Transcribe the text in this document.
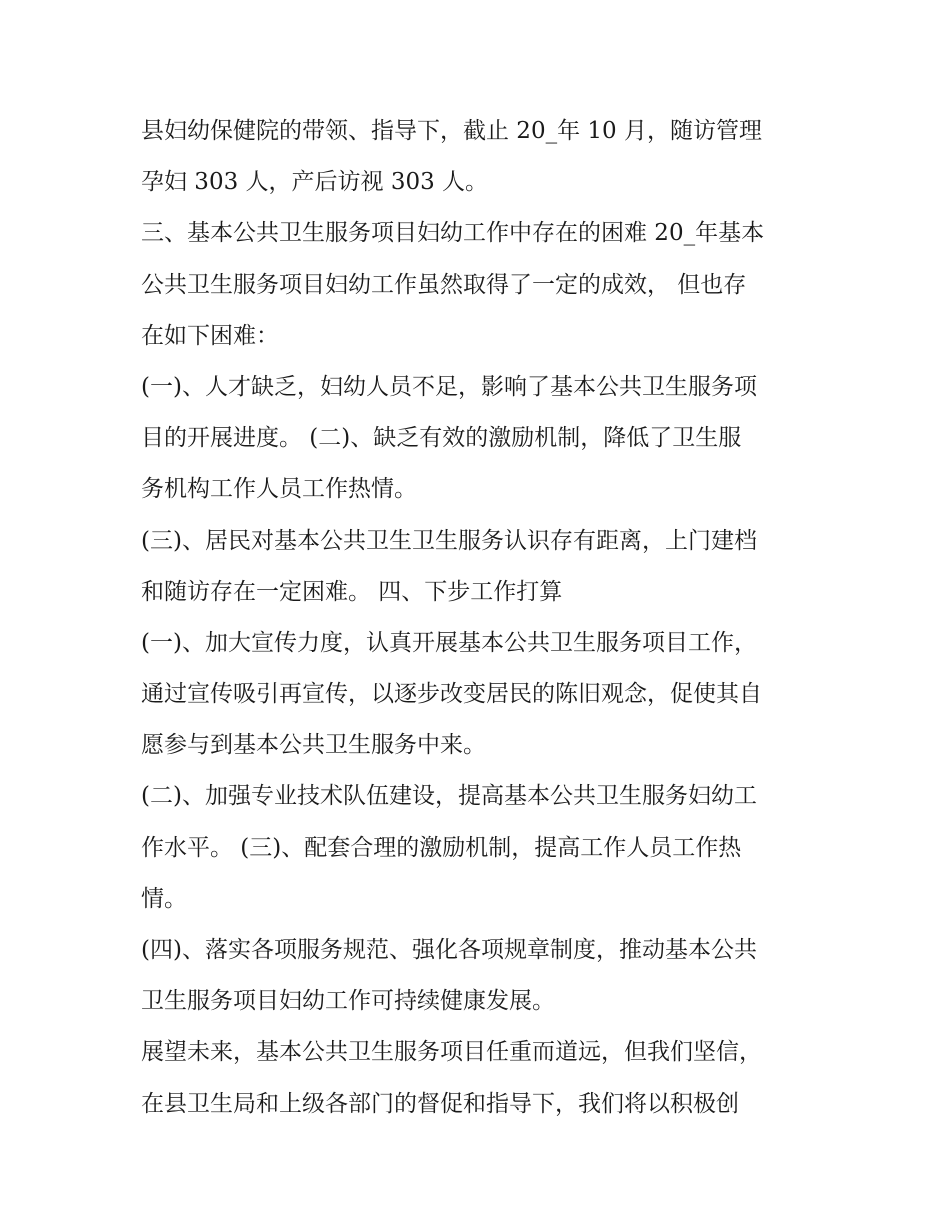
县妇幼保健院的带领、指导下，截止 20_年 10 月，随访管理
孕妇 303 人，产后访视 303 人。
三、基本公共卫生服务项目妇幼工作中存在的困难 20_年基本
公共卫生服务项目妇幼工作虽然取得了一定的成效， 但也存
在如下困难：
(一)、人才缺乏，妇幼人员不足，影响了基本公共卫生服务项
目的开展进度。 (二)、缺乏有效的激励机制，降低了卫生服
务机构工作人员工作热情。
(三)、居民对基本公共卫生卫生服务认识存有距离，上门建档
和随访存在一定困难。 四、下步工作打算
(一)、加大宣传力度，认真开展基本公共卫生服务项目工作，
通过宣传吸引再宣传，以逐步改变居民的陈旧观念，促使其自
愿参与到基本公共卫生服务中来。
(二)、加强专业技术队伍建设，提高基本公共卫生服务妇幼工
作水平。 (三)、配套合理的激励机制，提高工作人员工作热
情。
(四)、落实各项服务规范、强化各项规章制度，推动基本公共
卫生服务项目妇幼工作可持续健康发展。
展望未来，基本公共卫生服务项目任重而道远，但我们坚信，
在县卫生局和上级各部门的督促和指导下，我们将以积极创
